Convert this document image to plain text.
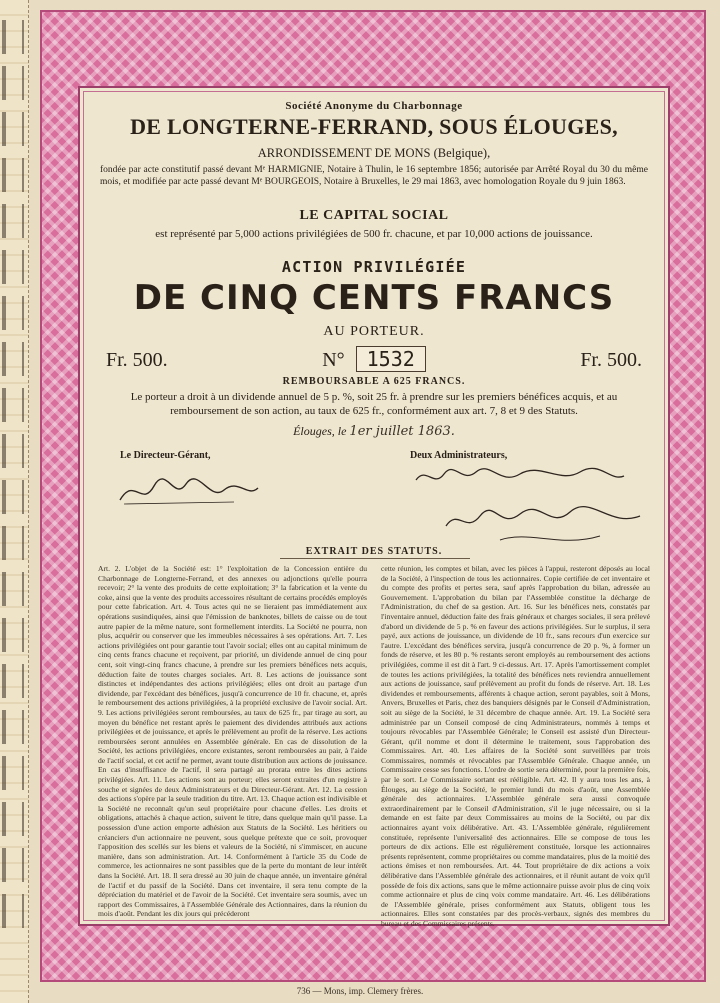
Société Anonyme du Charbonnage
DE LONGTERNE-FERRAND, SOUS ÉLOUGES,
ARRONDISSEMENT DE MONS (Belgique),
fondée par acte constitutif passé devant Mᵉ HARMIGNIE, Notaire à Thulin, le 16 septembre 1856; autorisée par Arrêté Royal du 30 du même mois, et modifiée par acte passé devant Mᵉ BOURGEOIS, Notaire à Bruxelles, le 29 mai 1863, avec homologation Royale du 9 juin 1863.
LE CAPITAL SOCIAL
est représenté par 5,000 actions privilégiées de 500 fr. chacune, et par 10,000 actions de jouissance.
ACTION PRIVILÉGIÉE
DE CINQ CENTS FRANCS
AU PORTEUR.
Fr. 500.	N° 1532	Fr. 500.
REMBOURSABLE A 625 FRANCS.
Le porteur a droit à un dividende annuel de 5 p. %, soit 25 fr. à prendre sur les premiers bénéfices acquis, et au remboursement de son action, au taux de 625 fr., conformément aux art. 7, 8 et 9 des Statuts.
Élouges, le 1er juillet 1863.
Le Directeur-Gérant,	Deux Administrateurs,
EXTRAIT DES STATUTS.
Art. 2. L'objet de la Société est: 1° l'exploitation de la Concession entière du Charbonnage de Longterne-Ferrand, et des annexes ou adjonctions qu'elle pourra recevoir; 2° la vente des produits de cette exploitation; 3° la fabrication et la vente du coke, ainsi que la vente des produits accessoires résultant de certains procédés employés pour cette fabrication. Art. 4. Tous actes qui ne se lieraient pas immédiatement aux opérations susindiquées, ainsi que l'émission de banknotes, billets de caisse ou de tout autre papier de la même nature, sont formellement interdits. La Société ne pourra, non plus, acquérir ou conserver que les immeubles nécessaires à ses opérations. Art. 7. Les actions privilégiées ont pour garantie tout l'avoir social; elles ont au capital minimum de cinq cents francs chacune et reçoivent, par priorité, un dividende annuel de cinq pour cent, soit vingt-cinq francs chacune, à prendre sur les premiers bénéfices nets acquis, déduction faite de toutes charges sociales. Art. 8. Les actions de jouissance sont distinctes et indépendantes des actions privilégiées; elles ont droit au partage d'un dividende, par l'excédant des bénéfices, jusqu'à concurrence de 10 fr. chacune, et, après le remboursement des actions privilégiées, à la propriété exclusive de l'avoir social. Art. 9. Les actions privilégiées seront remboursées, au taux de 625 fr., par tirage au sort, au moyen du bénéfice net restant après le paiement des dividendes attribués aux actions privilégiées et de jouissance, et après le prélèvement au profit de la réserve. Les actions remboursées seront annulées en Assemblée générale. En cas de dissolution de la Société, les actions privilégiées, encore existantes, seront remboursées au pair, à l'aide de l'actif social, et cet actif ne permet, avant toute distribution aux actions de jouissance. En cas d'insuffisance de l'actif, il sera partagé au prorata entre les dites actions privilégiées. Art. 11. Les actions sont au porteur; elles seront extraites d'un registre à souche et signées de deux Administrateurs et du Directeur-Gérant. Art. 12. La cession des actions s'opère par la seule tradition du titre. Art. 13. Chaque action est indivisible et la Société ne reconnaît qu'un seul propriétaire pour chacune d'elles. Les droits et obligations, attachés à chaque action, suivent le titre, dans quelque main qu'il passe. La possession d'une action emporte adhésion aux Statuts de la Société. Les héritiers ou créanciers d'un actionnaire ne peuvent, sous quelque prétexte que ce soit, provoquer l'apposition des scellés sur les biens et valeurs de la Société, ni s'immiscer, en aucune manière, dans son administration. Art. 14. Conformément à l'article 35 du Code de commerce, les actionnaires ne sont passibles que de la perte du montant de leur intérêt dans la Société. Art. 18. Il sera dressé au 30 juin de chaque année, un inventaire général de l'actif et du passif de la Société. Dans cet inventaire, il sera tenu compte de la dépréciation du matériel et de l'avoir de la Société. Cet inventaire sera soumis, avec un rapport des Commissaires, à l'Assemblée Générale des Actionnaires, dans la réunion du mois d'août. Pendant les dix jours qui précéderont
cette réunion, les comptes et bilan, avec les pièces à l'appui, resteront déposés au local de la Société, à l'inspection de tous les actionnaires. Copie certifiée de cet inventaire et du compte des profits et pertes sera, sauf après l'approbation du bilan, adressée au Gouvernement. L'approbation du bilan par l'Assemblée constitue la décharge de l'Administration, du chef de sa gestion. Art. 16. Sur les bénéfices nets, constatés par l'inventaire annuel, déduction faite des frais généraux et charges sociales, il sera prélevé d'abord un dividende de 5 p. % en faveur des actions privilégiées. Sur le surplus, il sera payé, aux actions de jouissance, un dividende de 10 fr., sans recours d'un exercice sur l'autre. L'excédant des bénéfices servira, jusqu'à concurrence de 20 p. %, à former un fonds de réserve, et les 80 p. % restants seront employés au remboursement des actions privilégiées, comme il est dit à l'art. 9 ci-dessus. Art. 17. Après l'amortissement complet de toutes les actions privilégiées, la totalité des bénéfices nets reviendra annuellement aux actions de jouissance, sauf prélèvement au profit du fonds de réserve. Art. 18. Les dividendes et remboursements, afférents à chaque action, seront payables, soit à Mons, Anvers, Bruxelles et Paris, chez des banquiers désignés par le Conseil d'Administration, soit au siège de la Société, le 31 décembre de chaque année. Art. 19. La Société sera administrée par un Conseil composé de cinq Administrateurs, nommés à temps et toujours révocables par l'Assemblée Générale; le Conseil est assisté d'un Directeur-Gérant, qu'il nomme et dont il détermine le traitement, sous l'approbation des Commissaires. Art. 40. Les affaires de la Société sont surveillées par trois Commissaires, nommés et révocables par l'Assemblée Générale. Chaque année, un Commissaire cesse ses fonctions. L'ordre de sortie sera déterminé, pour la première fois, par le sort. Le Commissaire sortant est rééligible. Art. 42. Il y aura tous les ans, à Élouges, au siège de la Société, le premier lundi du mois d'août, une Assemblée générale des actionnaires. L'Assemblée générale sera aussi convoquée extraordinairement par le Conseil d'Administration, s'il le juge nécessaire, ou si la demande en est faite par deux Commissaires au moins de la Société, ou par dix actionnaires ayant voix délibérative. Art. 43. L'Assemblée générale, régulièrement constituée, représente l'universalité des actionnaires. Elle se compose de tous les porteurs de dix actions. Elle est régulièrement constituée, lorsque les actionnaires présents représentent, comme propriétaires ou comme mandataires, plus de la moitié des actions émises et non remboursées. Art. 44. Tout propriétaire de dix actions a voix délibérative dans l'Assemblée générale des actionnaires, et il réunit autant de voix qu'il possède de fois dix actions, sans que le même actionnaire puisse avoir plus de cinq voix comme actionnaire et plus de cinq voix comme mandataire. Art. 46. Les délibérations de l'Assemblée générale, prises conformément aux Statuts, obligent tous les actionnaires. Elles sont constatées par des procès-verbaux, signés des membres du bureau et des Commissaires présents.
736 — Mons, imp. Clemery frères.
